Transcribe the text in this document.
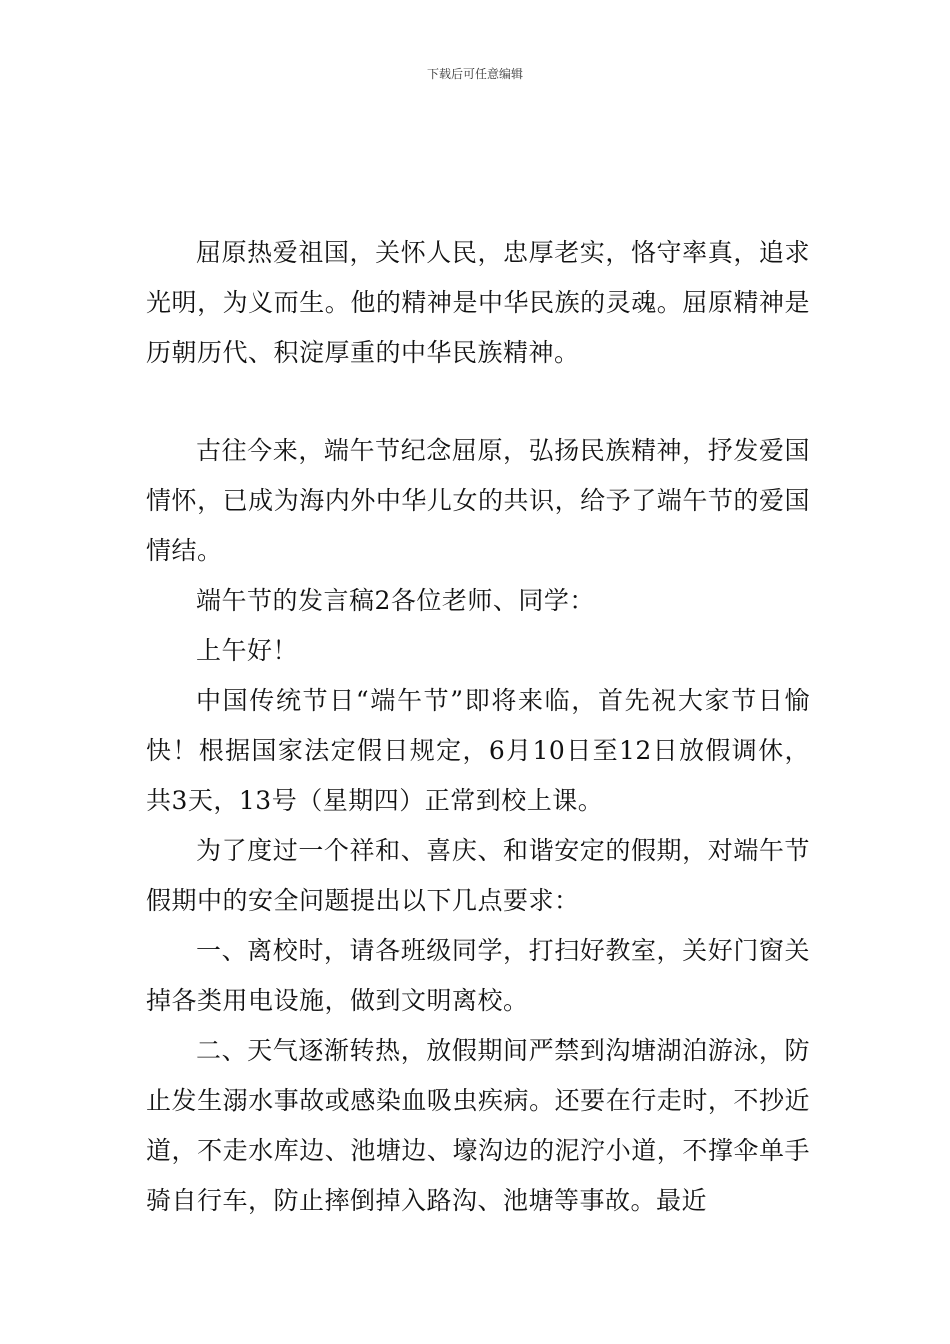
下载后可任意编辑

屈原热爱祖国，关怀人民，忠厚老实，恪守率真，追求光明，为义而生。他的精神是中华民族的灵魂。屈原精神是历朝历代、积淀厚重的中华民族精神。

古往今来，端午节纪念屈原，弘扬民族精神，抒发爱国情怀，已成为海内外中华儿女的共识，给予了端午节的爱国情结。

端午节的发言稿2各位老师、同学：

上午好！

中国传统节日“端午节”即将来临，首先祝大家节日愉快！根据国家法定假日规定，6月10日至12日放假调休，共3天，13号（星期四）正常到校上课。

为了度过一个祥和、喜庆、和谐安定的假期，对端午节假期中的安全问题提出以下几点要求：

一、离校时，请各班级同学，打扫好教室，关好门窗关掉各类用电设施，做到文明离校。

二、天气逐渐转热，放假期间严禁到沟塘湖泊游泳，防止发生溺水事故或感染血吸虫疾病。还要在行走时，不抄近道，不走水库边、池塘边、壕沟边的泥泞小道，不撑伞单手骑自行车，防止摔倒掉入路沟、池塘等事故。最近
